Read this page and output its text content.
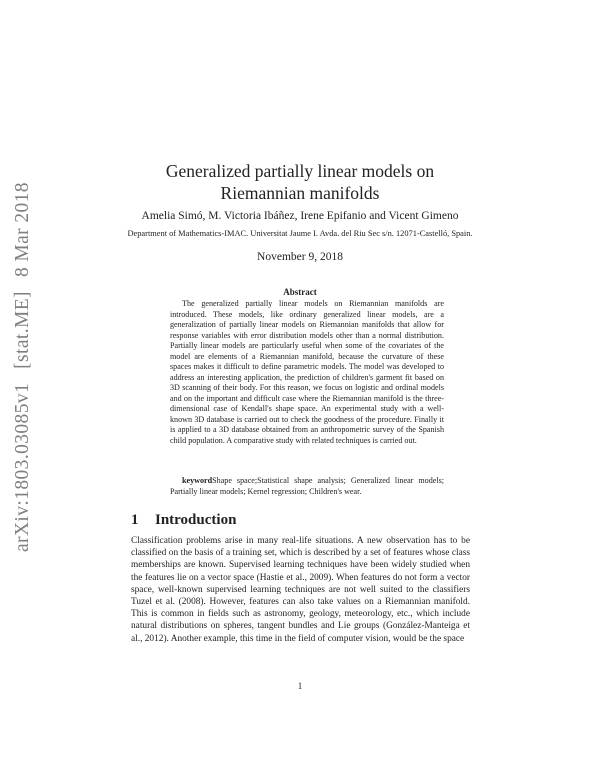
arXiv:1803.03085v1[stat.ME]8 Mar 2018
Generalized partially linear models on
Riemannian manifolds
Amelia Simó, M. Victoria Ibáñez, Irene Epifanio and Vicent Gimeno
Department of Mathematics-IMAC. Universitat Jaume I. Avda. del Riu Sec s/n. 12071-Castelló, Spain.
November 9, 2018
Abstract
The generalized partially linear models on Riemannian manifolds are introduced. These models, like ordinary generalized linear models, are a generalization of partially linear models on Riemannian manifolds that allow for response variables with error distribution models other than a normal distribution. Partially linear models are particularly useful when some of the covariates of the model are elements of a Riemannian manifold, because the curvature of these spaces makes it difficult to define parametric models. The model was developed to address an interesting application, the prediction of children's garment fit based on 3D scanning of their body. For this reason, we focus on logistic and ordinal models and on the important and difficult case where the Riemannian manifold is the three-dimensional case of Kendall's shape space. An experimental study with a well-known 3D database is carried out to check the goodness of the procedure. Finally it is applied to a 3D database obtained from an anthropometric survey of the Spanish child population. A comparative study with related techniques is carried out.
keywordShape space;Statistical shape analysis; Generalized linear models; Partially linear models; Kernel regression; Children's wear.
1 Introduction
Classification problems arise in many real-life situations. A new observation has to be classified on the basis of a training set, which is described by a set of features whose class memberships are known. Supervised learning techniques have been widely studied when the features lie on a vector space (Hastie et al., 2009). When features do not form a vector space, well-known supervised learning techniques are not well suited to the classifiers Tuzel et al. (2008). However, features can also take values on a Riemannian manifold. This is common in fields such as astronomy, geology, meteorology, etc., which include natural distributions on spheres, tangent bundles and Lie groups (González-Manteiga et al., 2012). Another example, this time in the field of computer vision, would be the space
1
